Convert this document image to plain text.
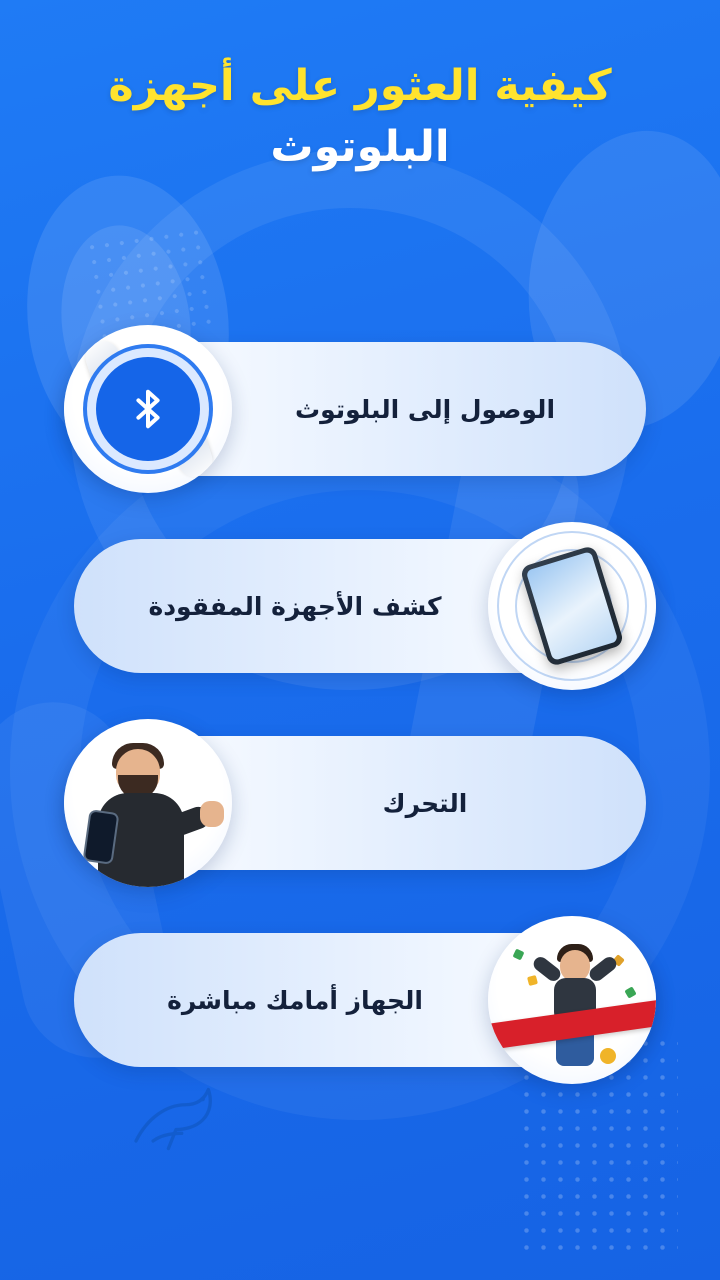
كيفية العثور على أجهزة
البلوتوث
الوصول إلى البلوتوث
كشف الأجهزة المفقودة
التحرك
الجهاز أمامك مباشرة
